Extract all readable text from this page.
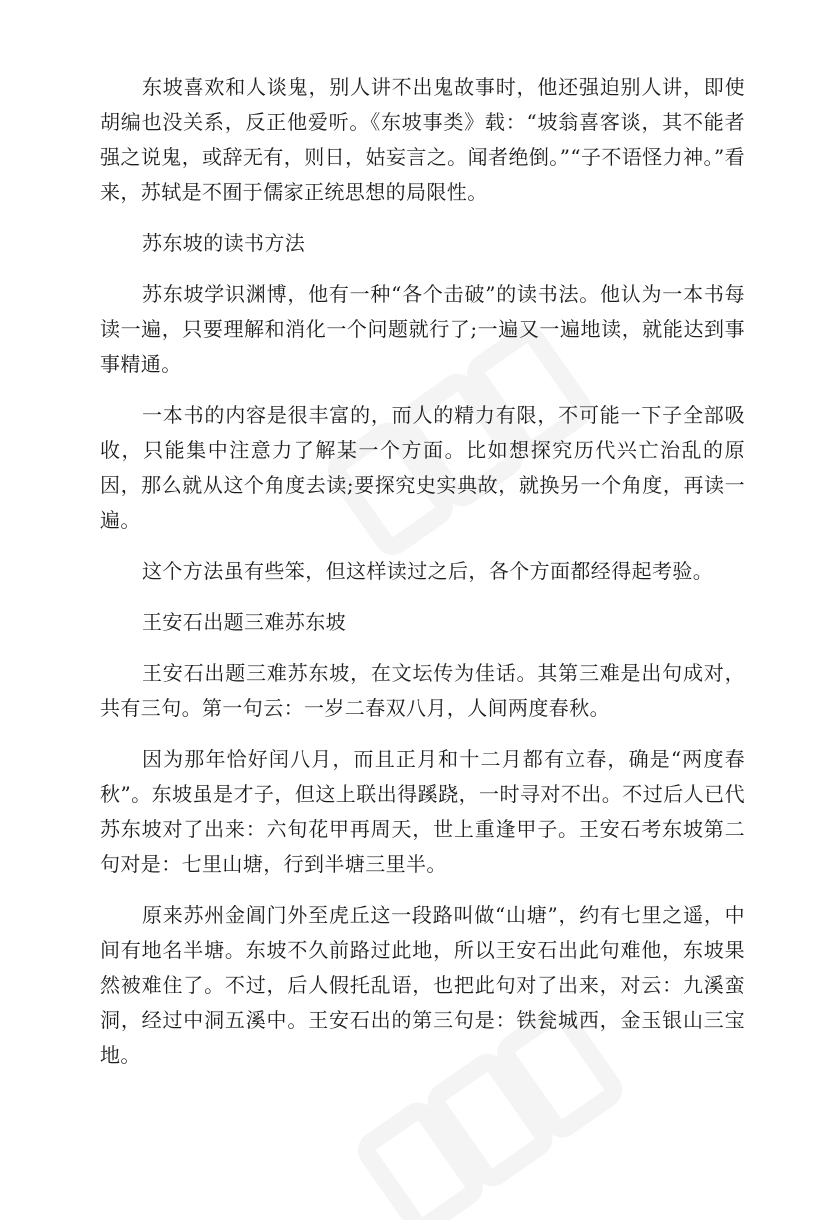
东坡喜欢和人谈鬼，别人讲不出鬼故事时，他还强迫别人讲，即使胡编也没关系，反正他爱听。《东坡事类》载：“坡翁喜客谈，其不能者强之说鬼，或辞无有，则日，姑妄言之。闻者绝倒。”“子不语怪力神。”看来，苏轼是不囿于儒家正统思想的局限性。

苏东坡的读书方法

苏东坡学识渊博，他有一种“各个击破”的读书法。他认为一本书每读一遍，只要理解和消化一个问题就行了;一遍又一遍地读，就能达到事事精通。

一本书的内容是很丰富的，而人的精力有限，不可能一下子全部吸收，只能集中注意力了解某一个方面。比如想探究历代兴亡治乱的原因，那么就从这个角度去读;要探究史实典故，就换另一个角度，再读一遍。

这个方法虽有些笨，但这样读过之后，各个方面都经得起考验。

王安石出题三难苏东坡

王安石出题三难苏东坡，在文坛传为佳话。其第三难是出句成对，共有三句。第一句云：一岁二春双八月，人间两度春秋。

因为那年恰好闰八月，而且正月和十二月都有立春，确是“两度春秋”。东坡虽是才子，但这上联出得蹊跷，一时寻对不出。不过后人已代苏东坡对了出来：六旬花甲再周天，世上重逢甲子。王安石考东坡第二句对是：七里山塘，行到半塘三里半。

原来苏州金阊门外至虎丘这一段路叫做“山塘”，约有七里之遥，中间有地名半塘。东坡不久前路过此地，所以王安石出此句难他，东坡果然被难住了。不过，后人假托乱语，也把此句对了出来，对云：九溪蛮洞，经过中洞五溪中。王安石出的第三句是：铁瓮城西，金玉银山三宝地。
